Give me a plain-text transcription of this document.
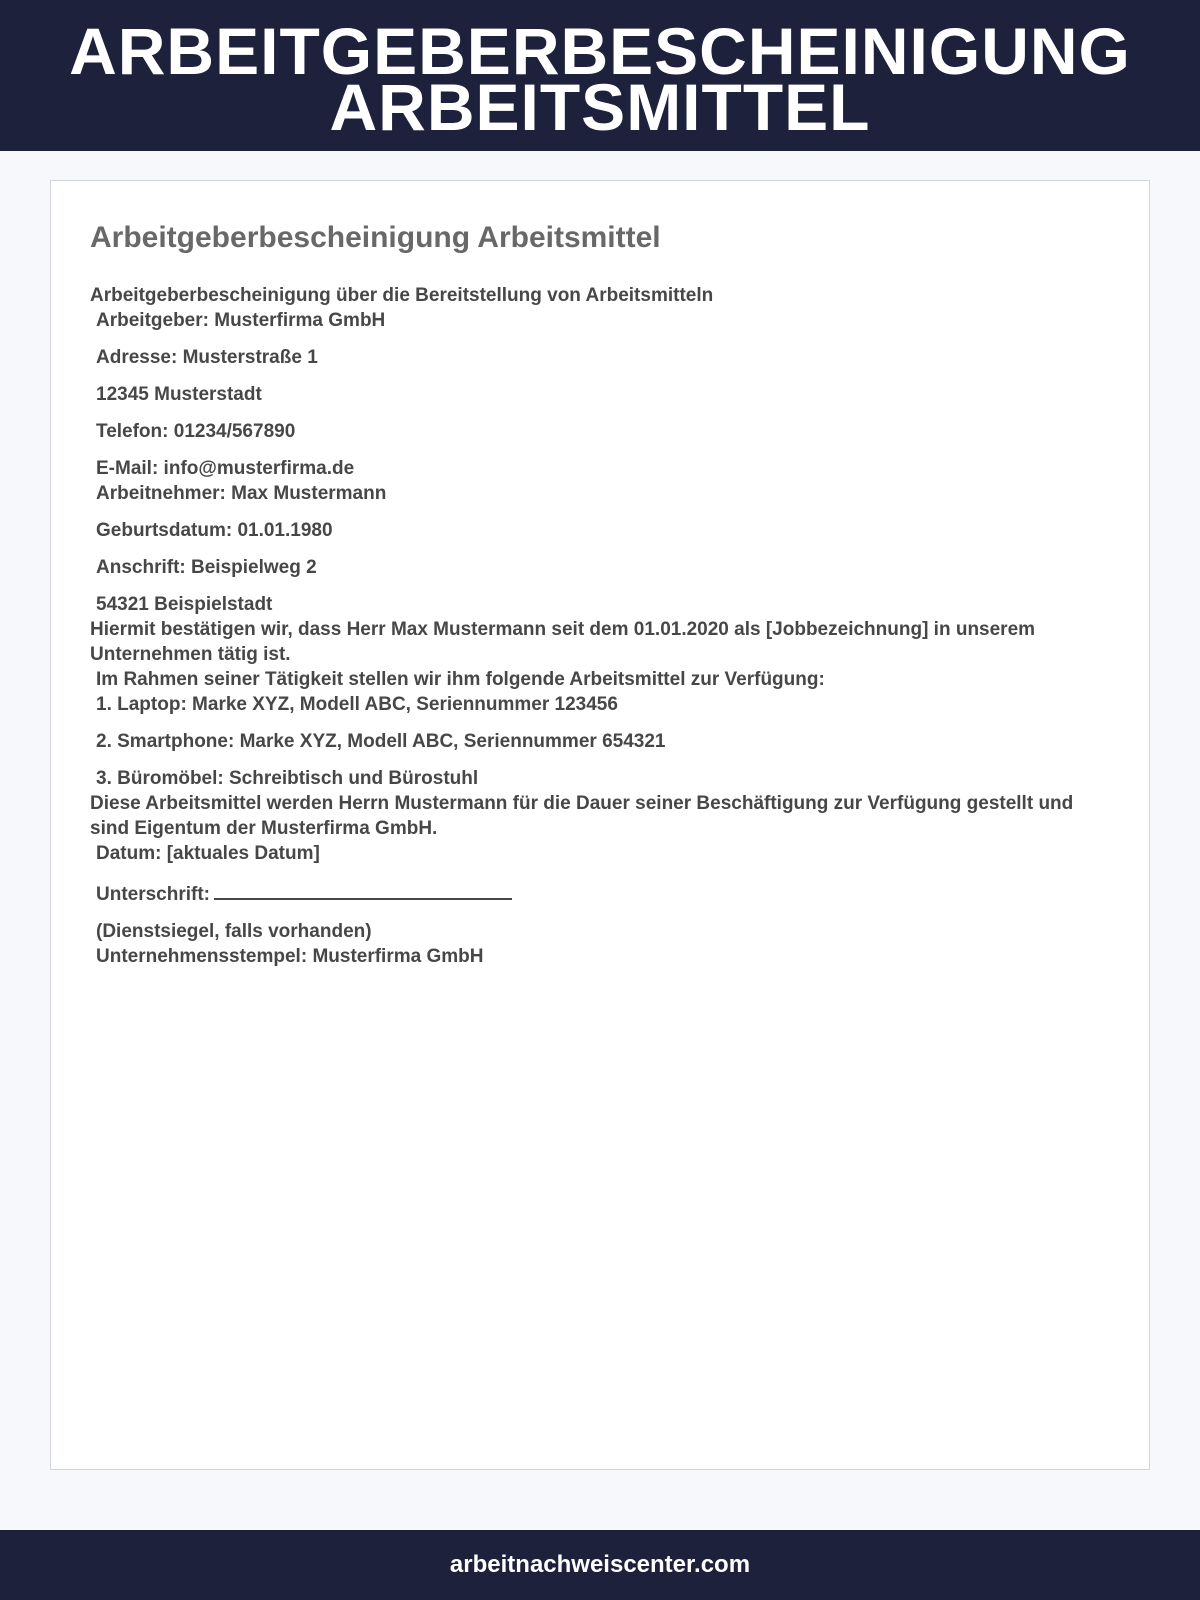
ARBEITGEBERBESCHEINIGUNG
ARBEITSMITTEL
Arbeitgeberbescheinigung Arbeitsmittel
Arbeitgeberbescheinigung über die Bereitstellung von Arbeitsmitteln
Arbeitgeber: Musterfirma GmbH
Adresse: Musterstraße 1
12345 Musterstadt
Telefon: 01234/567890
E-Mail: info@musterfirma.de
Arbeitnehmer: Max Mustermann
Geburtsdatum: 01.01.1980
Anschrift: Beispielweg 2
54321 Beispielstadt
Hiermit bestätigen wir, dass Herr Max Mustermann seit dem 01.01.2020 als [Jobbezeichnung] in unserem Unternehmen tätig ist.
Im Rahmen seiner Tätigkeit stellen wir ihm folgende Arbeitsmittel zur Verfügung:
1. Laptop: Marke XYZ, Modell ABC, Seriennummer 123456
2. Smartphone: Marke XYZ, Modell ABC, Seriennummer 654321
3. Büromöbel: Schreibtisch und Bürostuhl
Diese Arbeitsmittel werden Herrn Mustermann für die Dauer seiner Beschäftigung zur Verfügung gestellt und sind Eigentum der Musterfirma GmbH.
Datum: [aktuales Datum]
Unterschrift:
(Dienstsiegel, falls vorhanden)
Unternehmensstempel: Musterfirma GmbH
arbeitnachweiscenter.com
